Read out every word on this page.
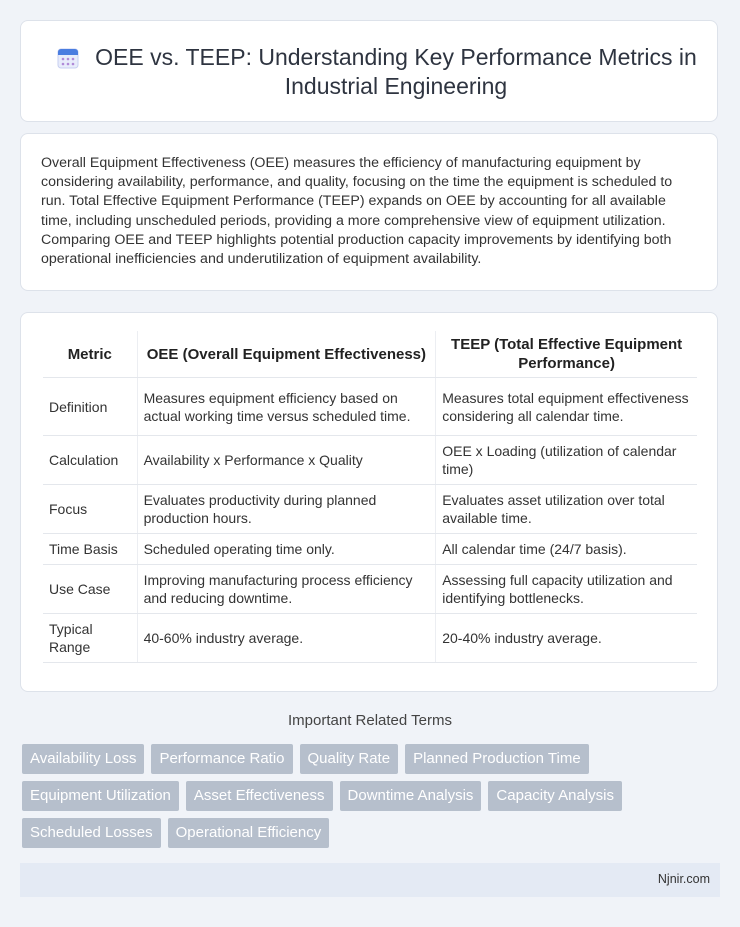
OEE vs. TEEP: Understanding Key Performance Metrics in Industrial Engineering

Overall Equipment Effectiveness (OEE) measures the efficiency of manufacturing equipment by considering availability, performance, and quality, focusing on the time the equipment is scheduled to run. Total Effective Equipment Performance (TEEP) expands on OEE by accounting for all available time, including unscheduled periods, providing a more comprehensive view of equipment utilization. Comparing OEE and TEEP highlights potential production capacity improvements by identifying both operational inefficiencies and underutilization of equipment availability.

Metric	OEE (Overall Equipment Effectiveness)	TEEP (Total Effective Equipment Performance)
Definition	Measures equipment efficiency based on actual working time versus scheduled time.	Measures total equipment effectiveness considering all calendar time.
Calculation	Availability x Performance x Quality	OEE x Loading (utilization of calendar time)
Focus	Evaluates productivity during planned production hours.	Evaluates asset utilization over total available time.
Time Basis	Scheduled operating time only.	All calendar time (24/7 basis).
Use Case	Improving manufacturing process efficiency and reducing downtime.	Assessing full capacity utilization and identifying bottlenecks.
Typical Range	40-60% industry average.	20-40% industry average.
Important Related Terms
Availability Loss	Performance Ratio	Quality Rate	Planned Production Time
Equipment Utilization	Asset Effectiveness	Downtime Analysis	Capacity Analysis
Scheduled Losses	Operational Efficiency
Njnir.com
